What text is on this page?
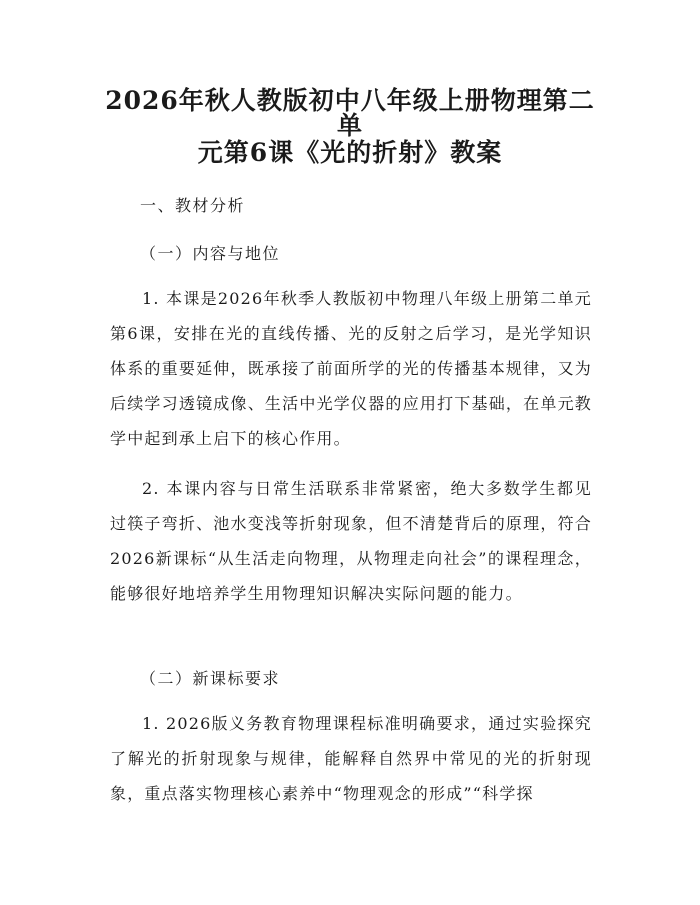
2026年秋人教版初中八年级上册物理第二单
元第6课《光的折射》教案

一、教材分析

（一）内容与地位

1. 本课是2026年秋季人教版初中物理八年级上册第二单元第6课，安排在光的直线传播、光的反射之后学习，是光学知识体系的重要延伸，既承接了前面所学的光的传播基本规律，又为后续学习透镜成像、生活中光学仪器的应用打下基础，在单元教学中起到承上启下的核心作用。

2. 本课内容与日常生活联系非常紧密，绝大多数学生都见过筷子弯折、池水变浅等折射现象，但不清楚背后的原理，符合2026新课标“从生活走向物理，从物理走向社会”的课程理念，能够很好地培养学生用物理知识解决实际问题的能力。

（二）新课标要求

1. 2026版义务教育物理课程标准明确要求，通过实验探究了解光的折射现象与规律，能解释自然界中常见的光的折射现象，重点落实物理核心素养中“物理观念的形成”“科学探
